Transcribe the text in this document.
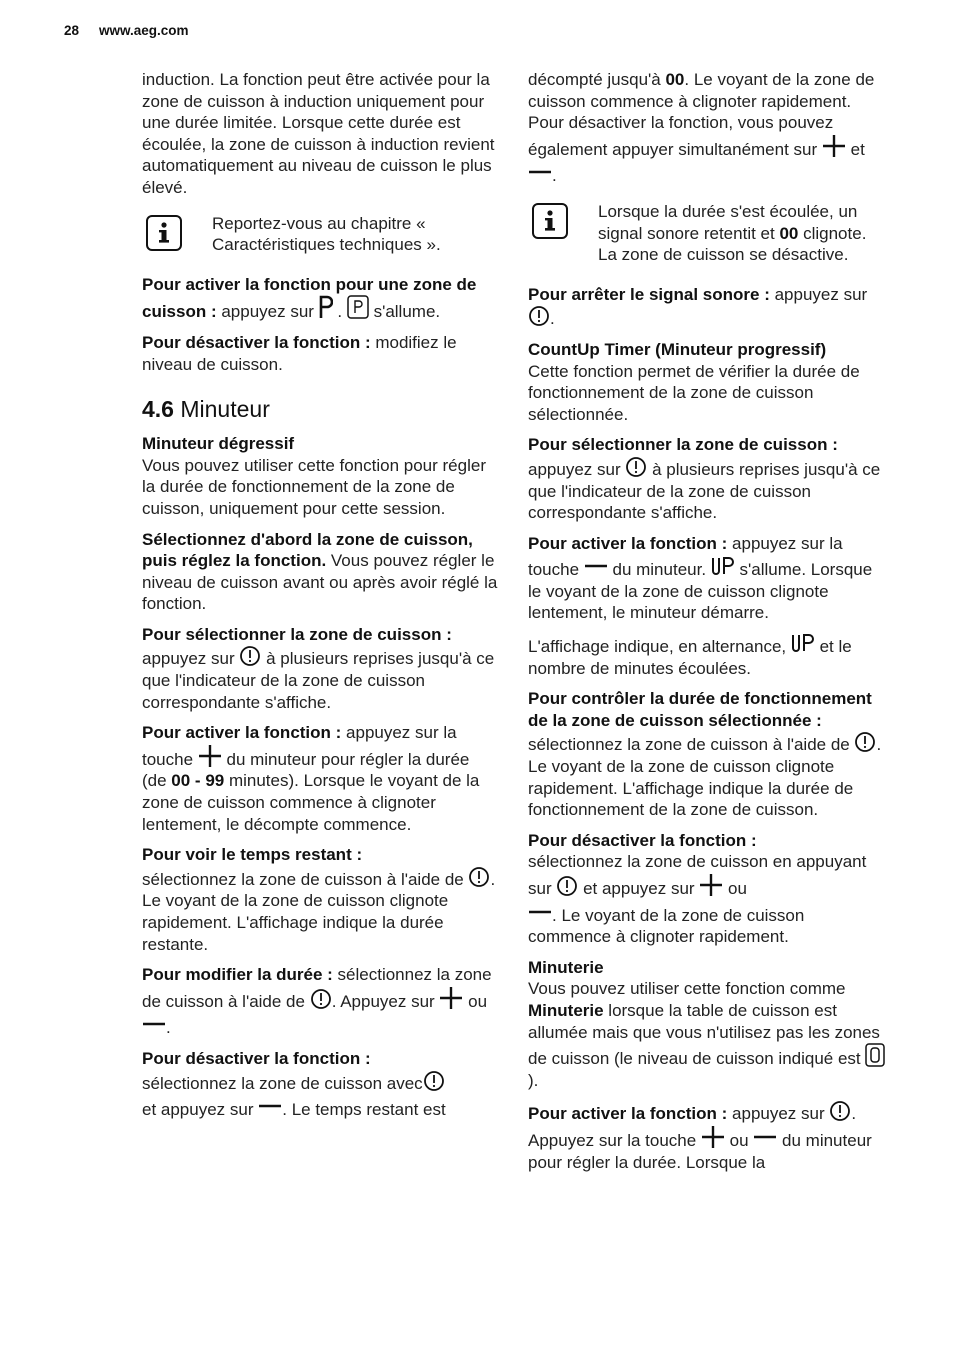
28 www.aeg.com

induction. La fonction peut être activée pour la zone de cuisson à induction uniquement pour une durée limitée. Lorsque cette durée est écoulée, la zone de cuisson à induction revient automatiquement au niveau de cuisson le plus élevé.

Reportez-vous au chapitre « Caractéristiques techniques ».

Pour activer la fonction pour une zone de cuisson : appuyez sur  .  s'allume.

Pour désactiver la fonction : modifiez le niveau de cuisson.

4.6 Minuteur
Minuteur dégressif

Vous pouvez utiliser cette fonction pour régler la durée de fonctionnement de la zone de cuisson, uniquement pour cette session.

Sélectionnez d'abord la zone de cuisson, puis réglez la fonction. Vous pouvez régler le niveau de cuisson avant ou après avoir réglé la fonction.

Pour sélectionner la zone de cuisson :
appuyez sur  à plusieurs reprises jusqu'à ce que l'indicateur de la zone de cuisson correspondante s'affiche.

Pour activer la fonction : appuyez sur la touche  du minuteur pour régler la durée (de 00 - 99 minutes). Lorsque le voyant de la zone de cuisson commence à clignoter lentement, le décompte commence.

Pour voir le temps restant :
sélectionnez la zone de cuisson à l'aide de . Le voyant de la zone de cuisson clignote rapidement. L'affichage indique la durée restante.

Pour modifier la durée : sélectionnez la zone de cuisson à l'aide de . Appuyez sur  ou .

Pour désactiver la fonction :
sélectionnez la zone de cuisson avec
et appuyez sur . Le temps restant est

décompté jusqu'à 00. Le voyant de la zone de cuisson commence à clignoter rapidement. Pour désactiver la fonction, vous pouvez également appuyer simultanément sur  et .

Lorsque la durée s'est écoulée, un signal sonore retentit et 00 clignote. La zone de cuisson se désactive.

Pour arrêter le signal sonore : appuyez sur .

CountUp Timer (Minuteur progressif)

Cette fonction permet de vérifier la durée de fonctionnement de la zone de cuisson sélectionnée.

Pour sélectionner la zone de cuisson :
appuyez sur  à plusieurs reprises jusqu'à ce que l'indicateur de la zone de cuisson correspondante s'affiche.

Pour activer la fonction : appuyez sur la touche  du minuteur.  s'allume. Lorsque le voyant de la zone de cuisson clignote lentement, le minuteur démarre.

L'affichage indique, en alternance,  et le nombre de minutes écoulées.

Pour contrôler la durée de fonctionnement de la zone de cuisson sélectionnée : sélectionnez la zone de cuisson à l'aide de . Le voyant de la zone de cuisson clignote rapidement. L'affichage indique la durée de fonctionnement de la zone de cuisson.

Pour désactiver la fonction :
sélectionnez la zone de cuisson en appuyant sur  et appuyez sur  ou
. Le voyant de la zone de cuisson commence à clignoter rapidement.

Minuterie

Vous pouvez utiliser cette fonction comme Minuterie lorsque la table de cuisson est allumée mais que vous n'utilisez pas les zones de cuisson (le niveau de cuisson indiqué est ).

Pour activer la fonction : appuyez sur . Appuyez sur la touche  ou  du minuteur pour régler la durée. Lorsque la
